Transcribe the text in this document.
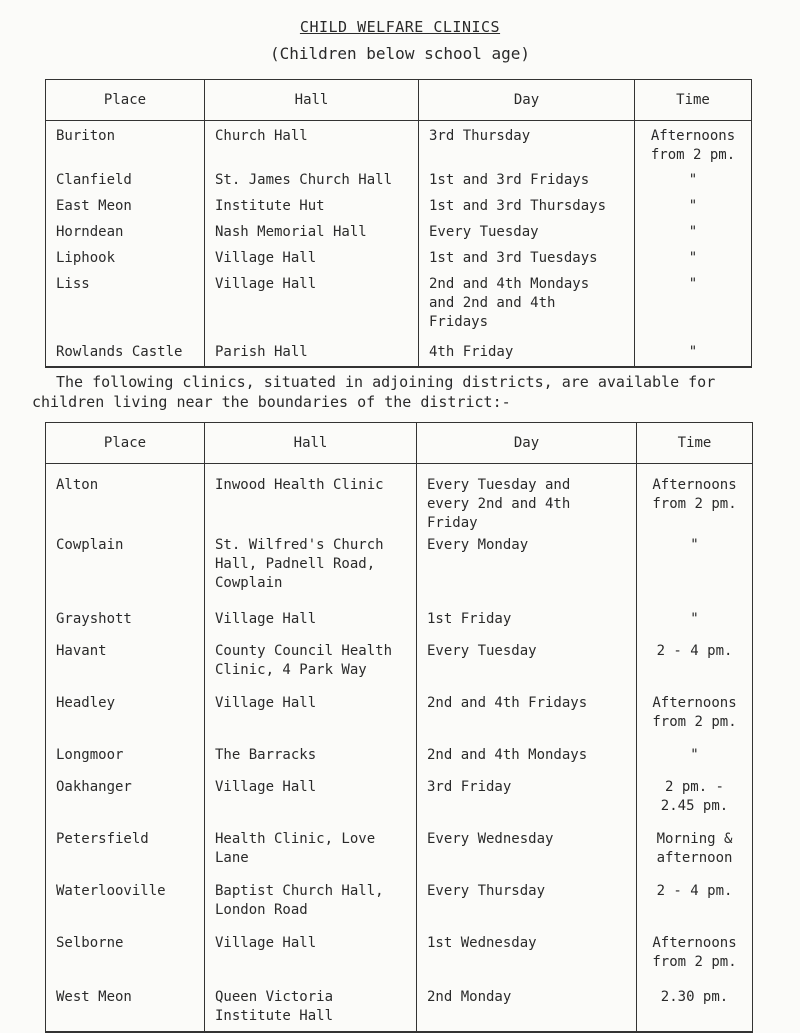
CHILD WELFARE CLINICS
(Children below school age)
Place	Hall	Day	Time
Buriton	Church Hall	3rd Thursday	Afternoons from 2 pm.
Clanfield	St. James Church Hall	1st and 3rd Fridays	"
East Meon	Institute Hut	1st and 3rd Thursdays	"
Horndean	Nash Memorial Hall	Every Tuesday	"
Liphook	Village Hall	1st and 3rd Tuesdays	"
Liss	Village Hall	2nd and 4th Mondays and 2nd and 4th Fridays	"
Rowlands Castle	Parish Hall	4th Friday	"
The following clinics, situated in adjoining districts, are available for
children living near the boundaries of the district:-
Place	Hall	Day	Time
Alton	Inwood Health Clinic	Every Tuesday and every 2nd and 4th Friday	Afternoons from 2 pm.
Cowplain	St. Wilfred's Church Hall, Padnell Road, Cowplain	Every Monday	"
Grayshott	Village Hall	1st Friday	"
Havant	County Council Health Clinic, 4 Park Way	Every Tuesday	2 - 4 pm.
Headley	Village Hall	2nd and 4th Fridays	Afternoons from 2 pm.
Longmoor	The Barracks	2nd and 4th Mondays	"
Oakhanger	Village Hall	3rd Friday	2 pm. - 2.45 pm.
Petersfield	Health Clinic, Love Lane	Every Wednesday	Morning & afternoon
Waterlooville	Baptist Church Hall, London Road	Every Thursday	2 - 4 pm.
Selborne	Village Hall	1st Wednesday	Afternoons from 2 pm.
West Meon	Queen Victoria Institute Hall	2nd Monday	2.30 pm.
